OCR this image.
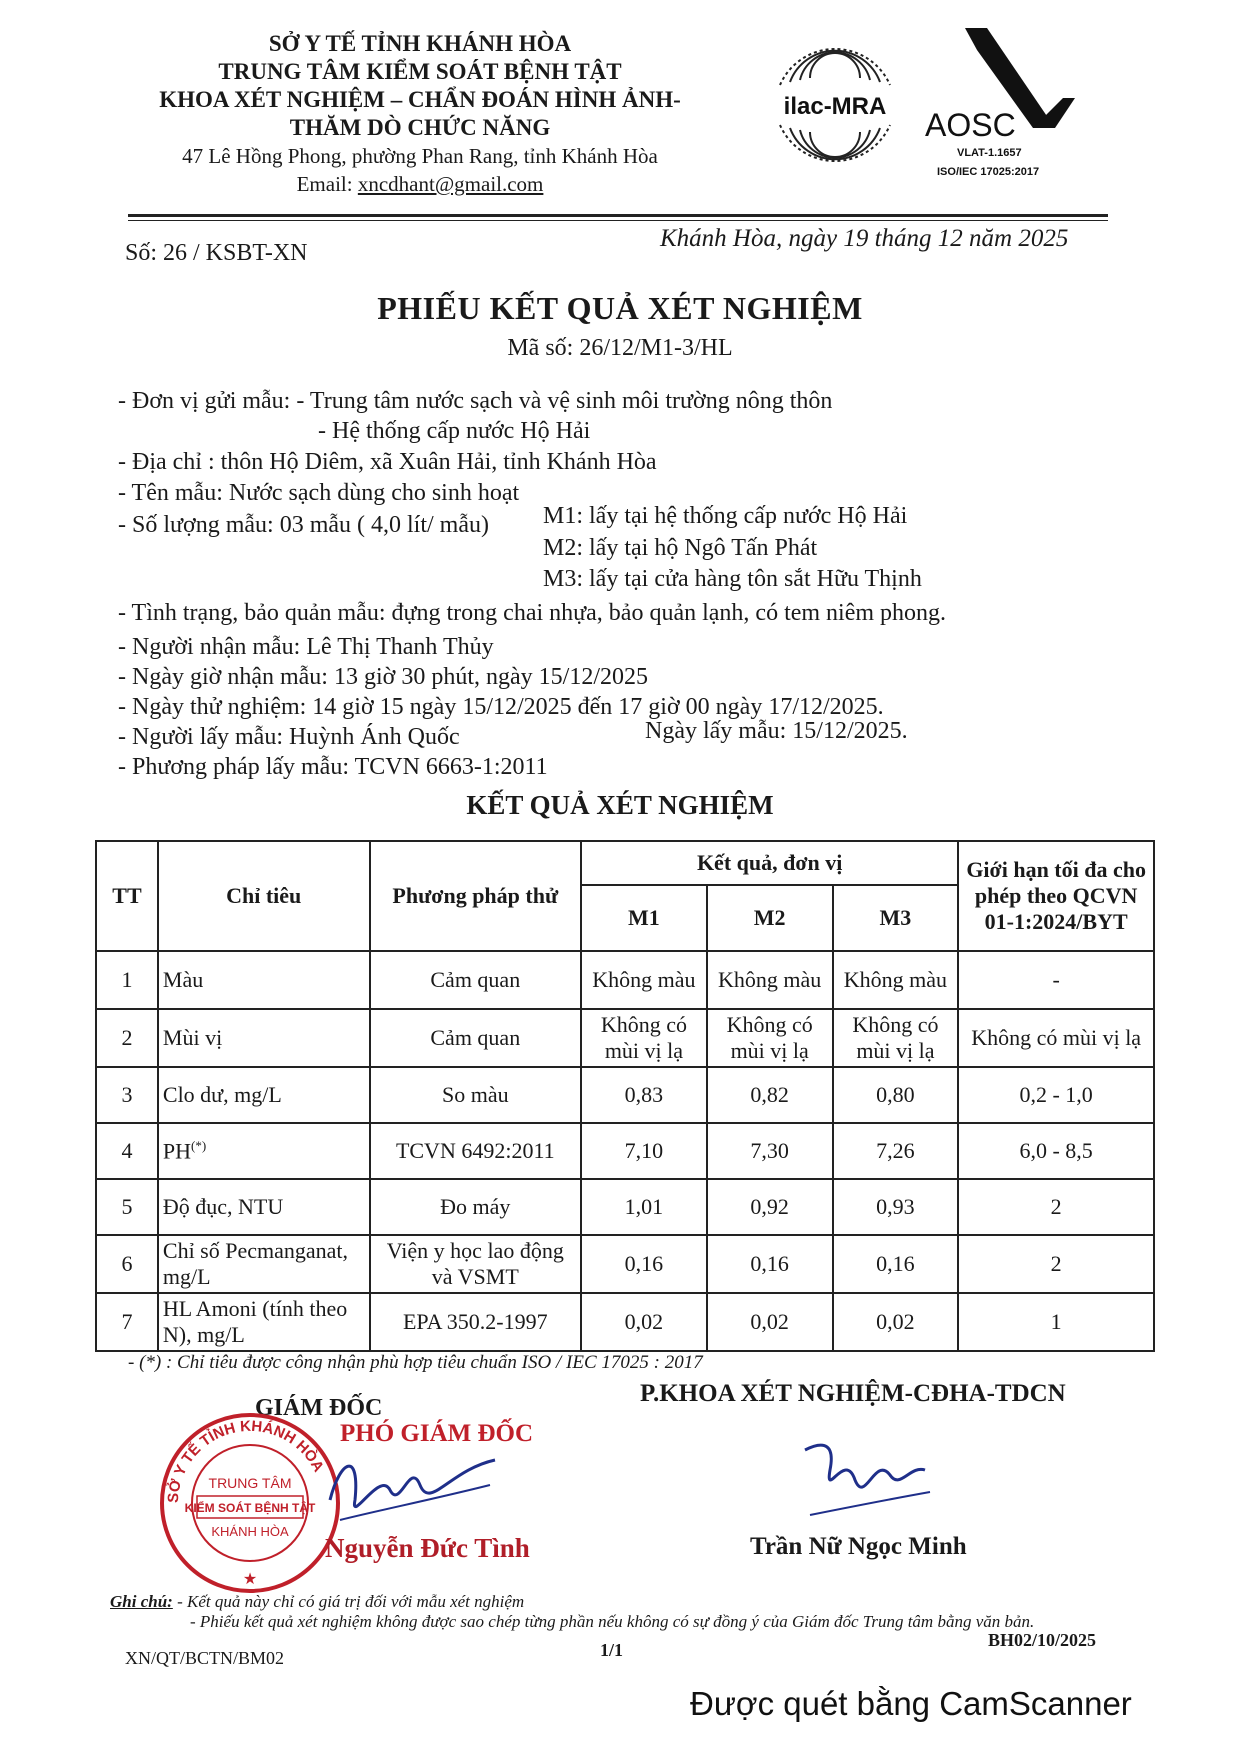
SỞ Y TẾ TỈNH KHÁNH HÒA
TRUNG TÂM KIỂM SOÁT BỆNH TẬT
KHOA XÉT NGHIỆM – CHẨN ĐOÁN HÌNH ẢNH-
THĂM DÒ CHỨC NĂNG
47 Lê Hồng Phong, phường Phan Rang, tỉnh Khánh Hòa
Email: xncdhant@gmail.com
ilac-MRA
AOSC
VLAT-1.1657
ISO/IEC 17025:2017
Số: 26 / KSBT-XN
Khánh Hòa, ngày 19 tháng 12 năm 2025
PHIẾU KẾT QUẢ XÉT NGHIỆM
Mã số: 26/12/M1-3/HL
- Đơn vị gửi mẫu: - Trung tâm nước sạch và vệ sinh môi trường nông thôn
- Hệ thống cấp nước Hộ Hải
- Địa chỉ : thôn Hộ Diêm, xã Xuân Hải, tỉnh Khánh Hòa
- Tên mẫu: Nước sạch dùng cho sinh hoạt
- Số lượng mẫu: 03 mẫu ( 4,0 lít/ mẫu) M1: lấy tại hệ thống cấp nước Hộ Hải
M2: lấy tại hộ Ngô Tấn Phát
M3: lấy tại cửa hàng tôn sắt Hữu Thịnh
- Tình trạng, bảo quản mẫu: đựng trong chai nhựa, bảo quản lạnh, có tem niêm phong.
- Người nhận mẫu: Lê Thị Thanh Thủy
- Ngày giờ nhận mẫu: 13 giờ 30 phút, ngày 15/12/2025
- Ngày thử nghiệm: 14 giờ 15 ngày 15/12/2025 đến 17 giờ 00 ngày 17/12/2025.
- Người lấy mẫu: Huỳnh Ánh Quốc	Ngày lấy mẫu: 15/12/2025.
- Phương pháp lấy mẫu: TCVN 6663-1:2011
KẾT QUẢ XÉT NGHIỆM
TT	Chỉ tiêu	Phương pháp thử	Kết quả, đơn vị			Giới hạn tối đa cho phép theo QCVN 01-1:2024/BYT
			M1	M2	M3	
1	Màu	Cảm quan	Không màu	Không màu	Không màu	-
2	Mùi vị	Cảm quan	Không có mùi vị lạ	Không có mùi vị lạ	Không có mùi vị lạ	Không có mùi vị lạ
3	Clo dư, mg/L	So màu	0,83	0,82	0,80	0,2 - 1,0
4	PH(*)	TCVN 6492:2011	7,10	7,30	7,26	6,0 - 8,5
5	Độ đục, NTU	Đo máy	1,01	0,92	0,93	2
6	Chỉ số Pecmanganat, mg/L	Viện y học lao động và VSMT	0,16	0,16	0,16	2
7	HL Amoni (tính theo N), mg/L	EPA 350.2-1997	0,02	0,02	0,02	1
- (*) : Chỉ tiêu được công nhận phù hợp tiêu chuẩn ISO / IEC 17025 : 2017
GIÁM ĐỐC
PHÓ GIÁM ĐỐC
SỞ Y TẾ TỈNH KHÁNH HÒA
TRUNG TÂM
KIỂM SOÁT BỆNH TẬT
KHÁNH HÒA
★
Nguyễn Đức Tình
P.KHOA XÉT NGHIỆM-CĐHA-TDCN
Trần Nữ Ngọc Minh
Ghi chú: - Kết quả này chỉ có giá trị đối với mẫu xét nghiệm
- Phiếu kết quả xét nghiệm không được sao chép từng phần nếu không có sự đồng ý của Giám đốc Trung tâm bằng văn bản.
XN/QT/BCTN/BM02	1/1	BH02/10/2025
Được quét bằng CamScanner
